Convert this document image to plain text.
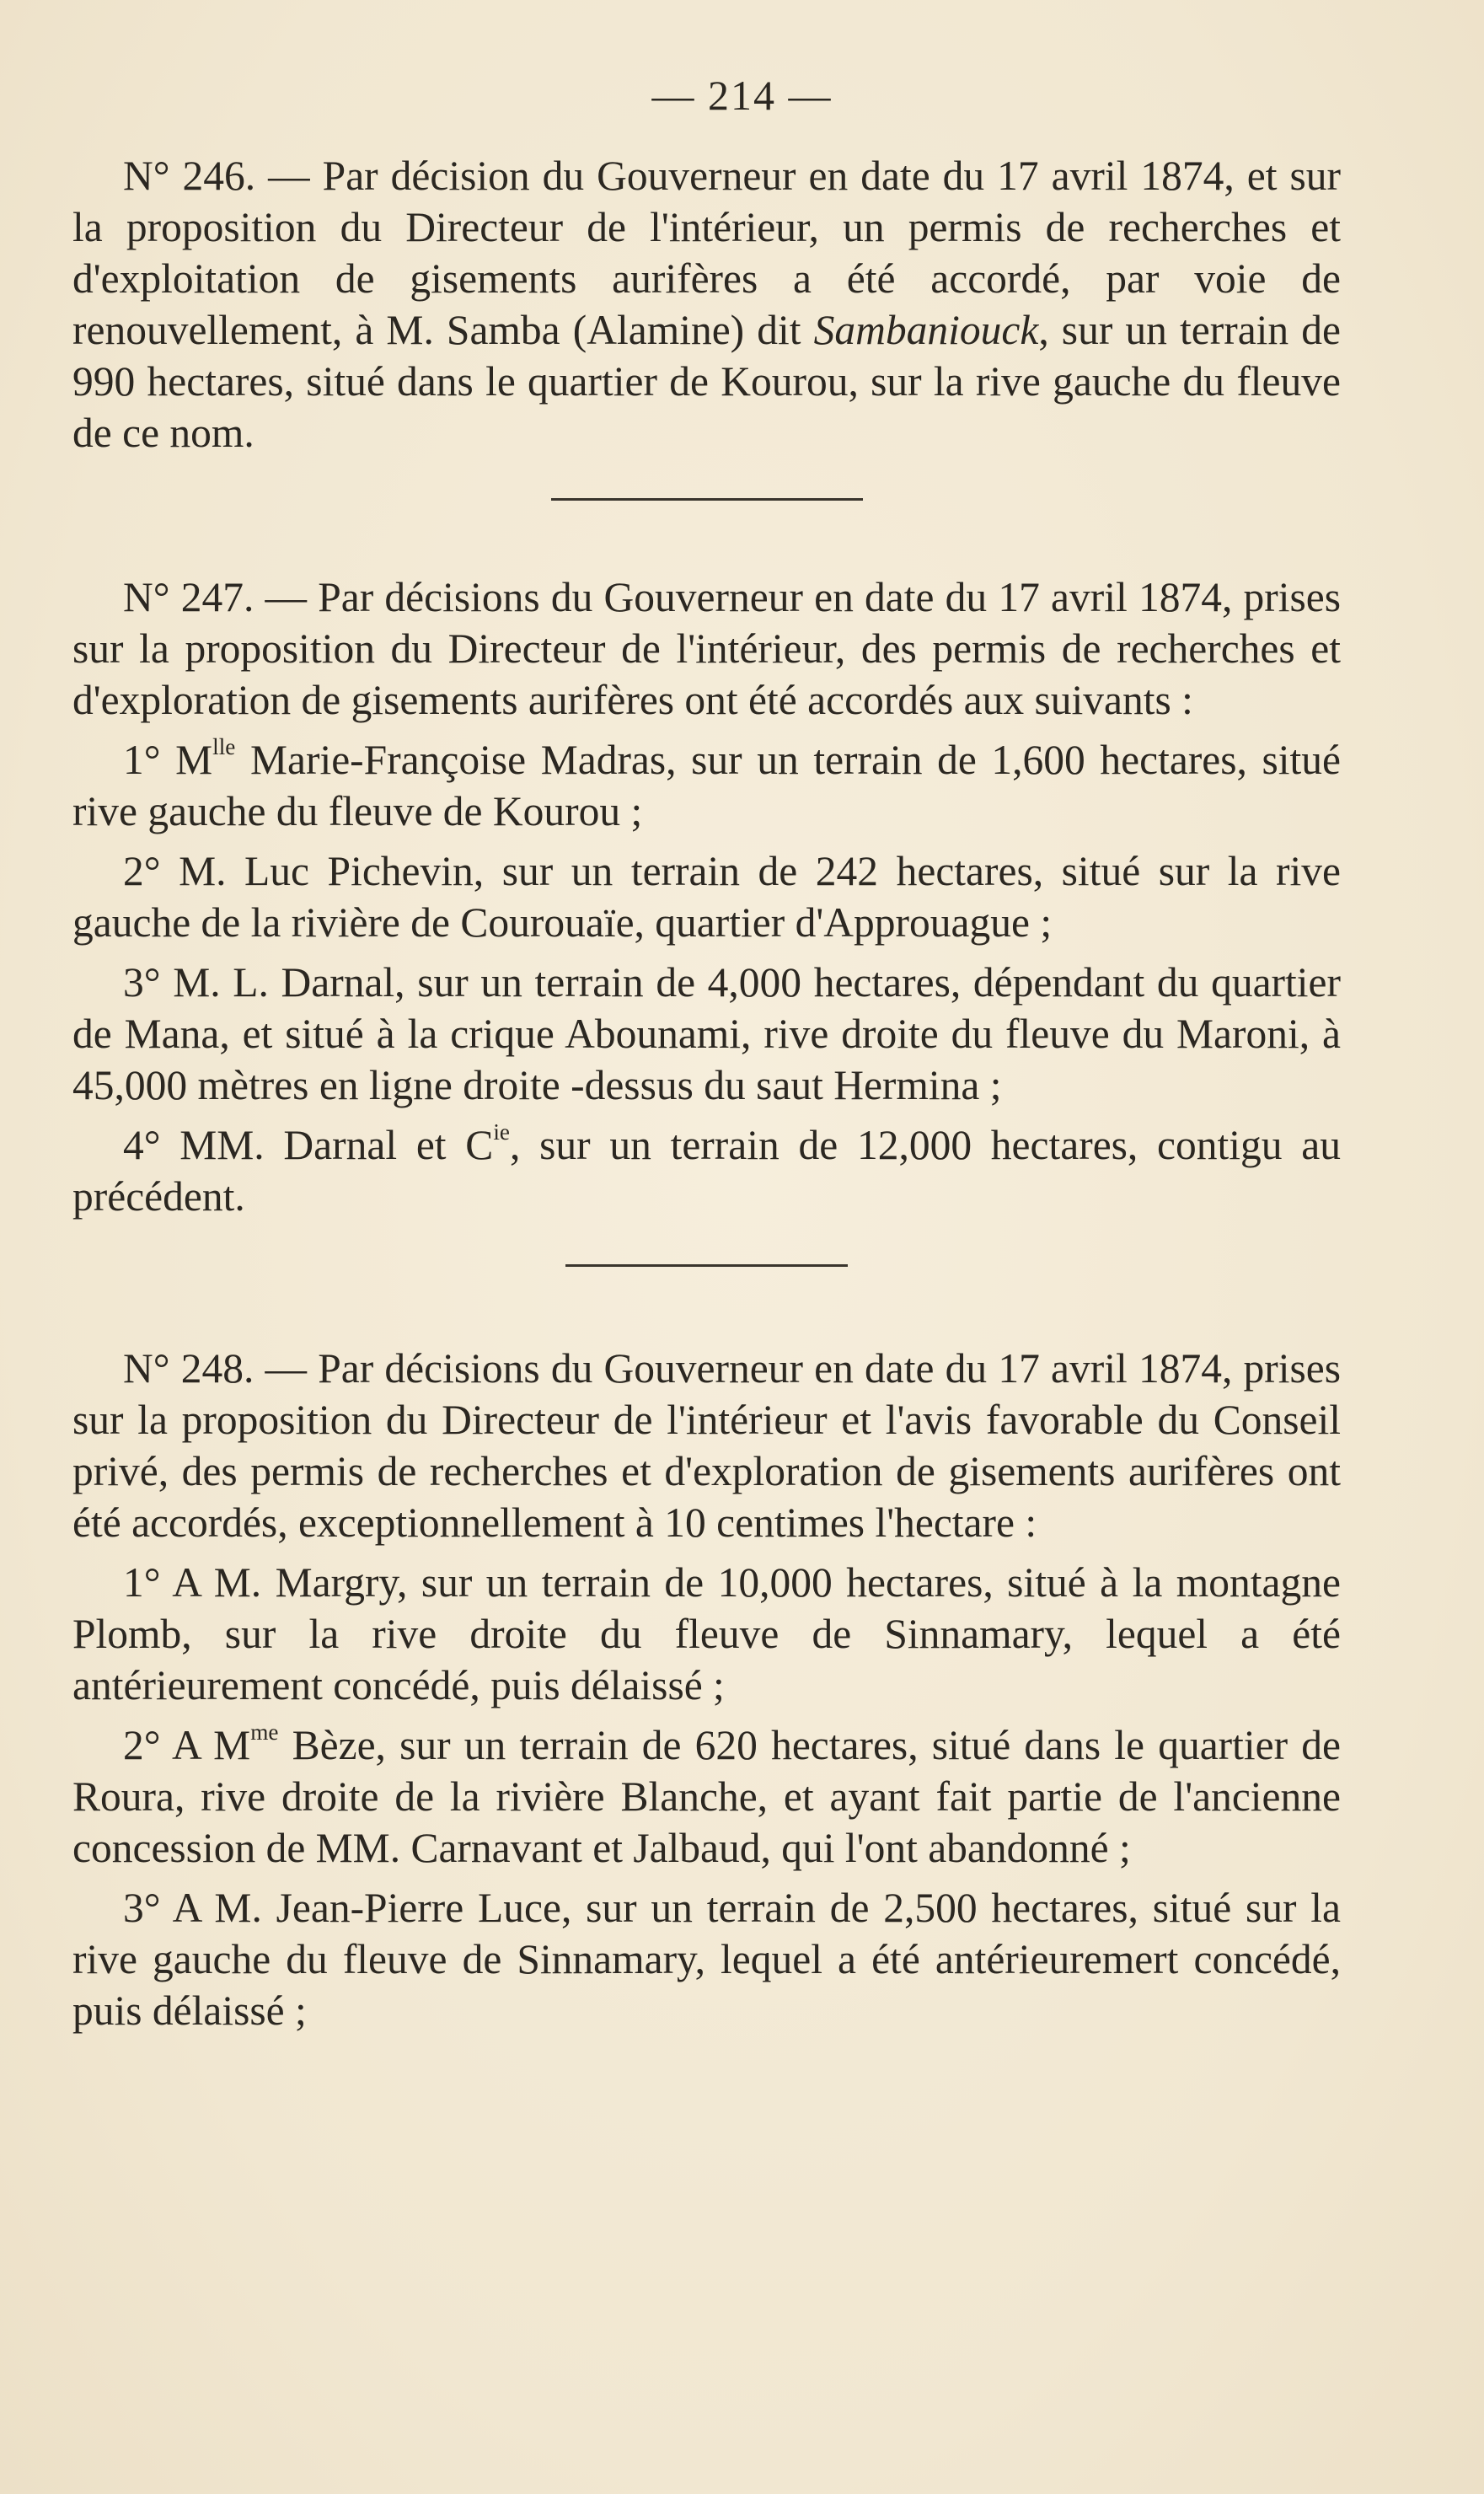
— 214 —

N° 246. — Par décision du Gouverneur en date du 17 avril 1874, et sur la proposition du Directeur de l'intérieur, un permis de recherches et d'exploitation de gisements aurifères a été accordé, par voie de renouvellement, à M. Samba (Alamine) dit Sambaniouck, sur un terrain de 990 hectares, situé dans le quartier de Kourou, sur la rive gauche du fleuve de ce nom.

N° 247. — Par décisions du Gouverneur en date du 17 avril 1874, prises sur la proposition du Directeur de l'intérieur, des permis de recherches et d'exploration de gisements aurifères ont été accordés aux suivants :

1° $M^{lle}$ Marie-Françoise Madras, sur un terrain de 1,600 hectares, situé rive gauche du fleuve de Kourou ;

2° M. Luc Pichevin, sur un terrain de 242 hectares, situé sur la rive gauche de la rivière de Courouaïe, quartier d'Approuague ;

3° M. L. Darnal, sur un terrain de 4,000 hectares, dépendant du quartier de Mana, et situé à la crique Abounami, rive droite du fleuve du Maroni, à 45,000 mètres en ligne droite ‑dessus du saut Hermina ;

4° MM. Darnal et $C^{ie}$, sur un terrain de 12,000 hectares, contigu au précédent.

N° 248. — Par décisions du Gouverneur en date du 17 avril 1874, prises sur la proposition du Directeur de l'intérieur et l'avis favorable du Conseil privé, des permis de recherches et d'exploration de gisements aurifères ont été accordés, exceptionnellement à 10 centimes l'hectare :

1° A M. Margry, sur un terrain de 10,000 hectares, situé à la montagne Plomb, sur la rive droite du fleuve de Sinnamary, lequel a été antérieurement concédé, puis délaissé ;

2° A $M^{me}$ Bèze, sur un terrain de 620 hectares, situé dans le quartier de Roura, rive droite de la rivière Blanche, et ayant fait partie de l'ancienne concession de MM. Carnavant et Jalbaud, qui l'ont abandonné ;

3° A M. Jean-Pierre Luce, sur un terrain de 2,500 hectares, situé sur la rive gauche du fleuve de Sinnamary, lequel a été antérieuremert concédé, puis délaissé ;
